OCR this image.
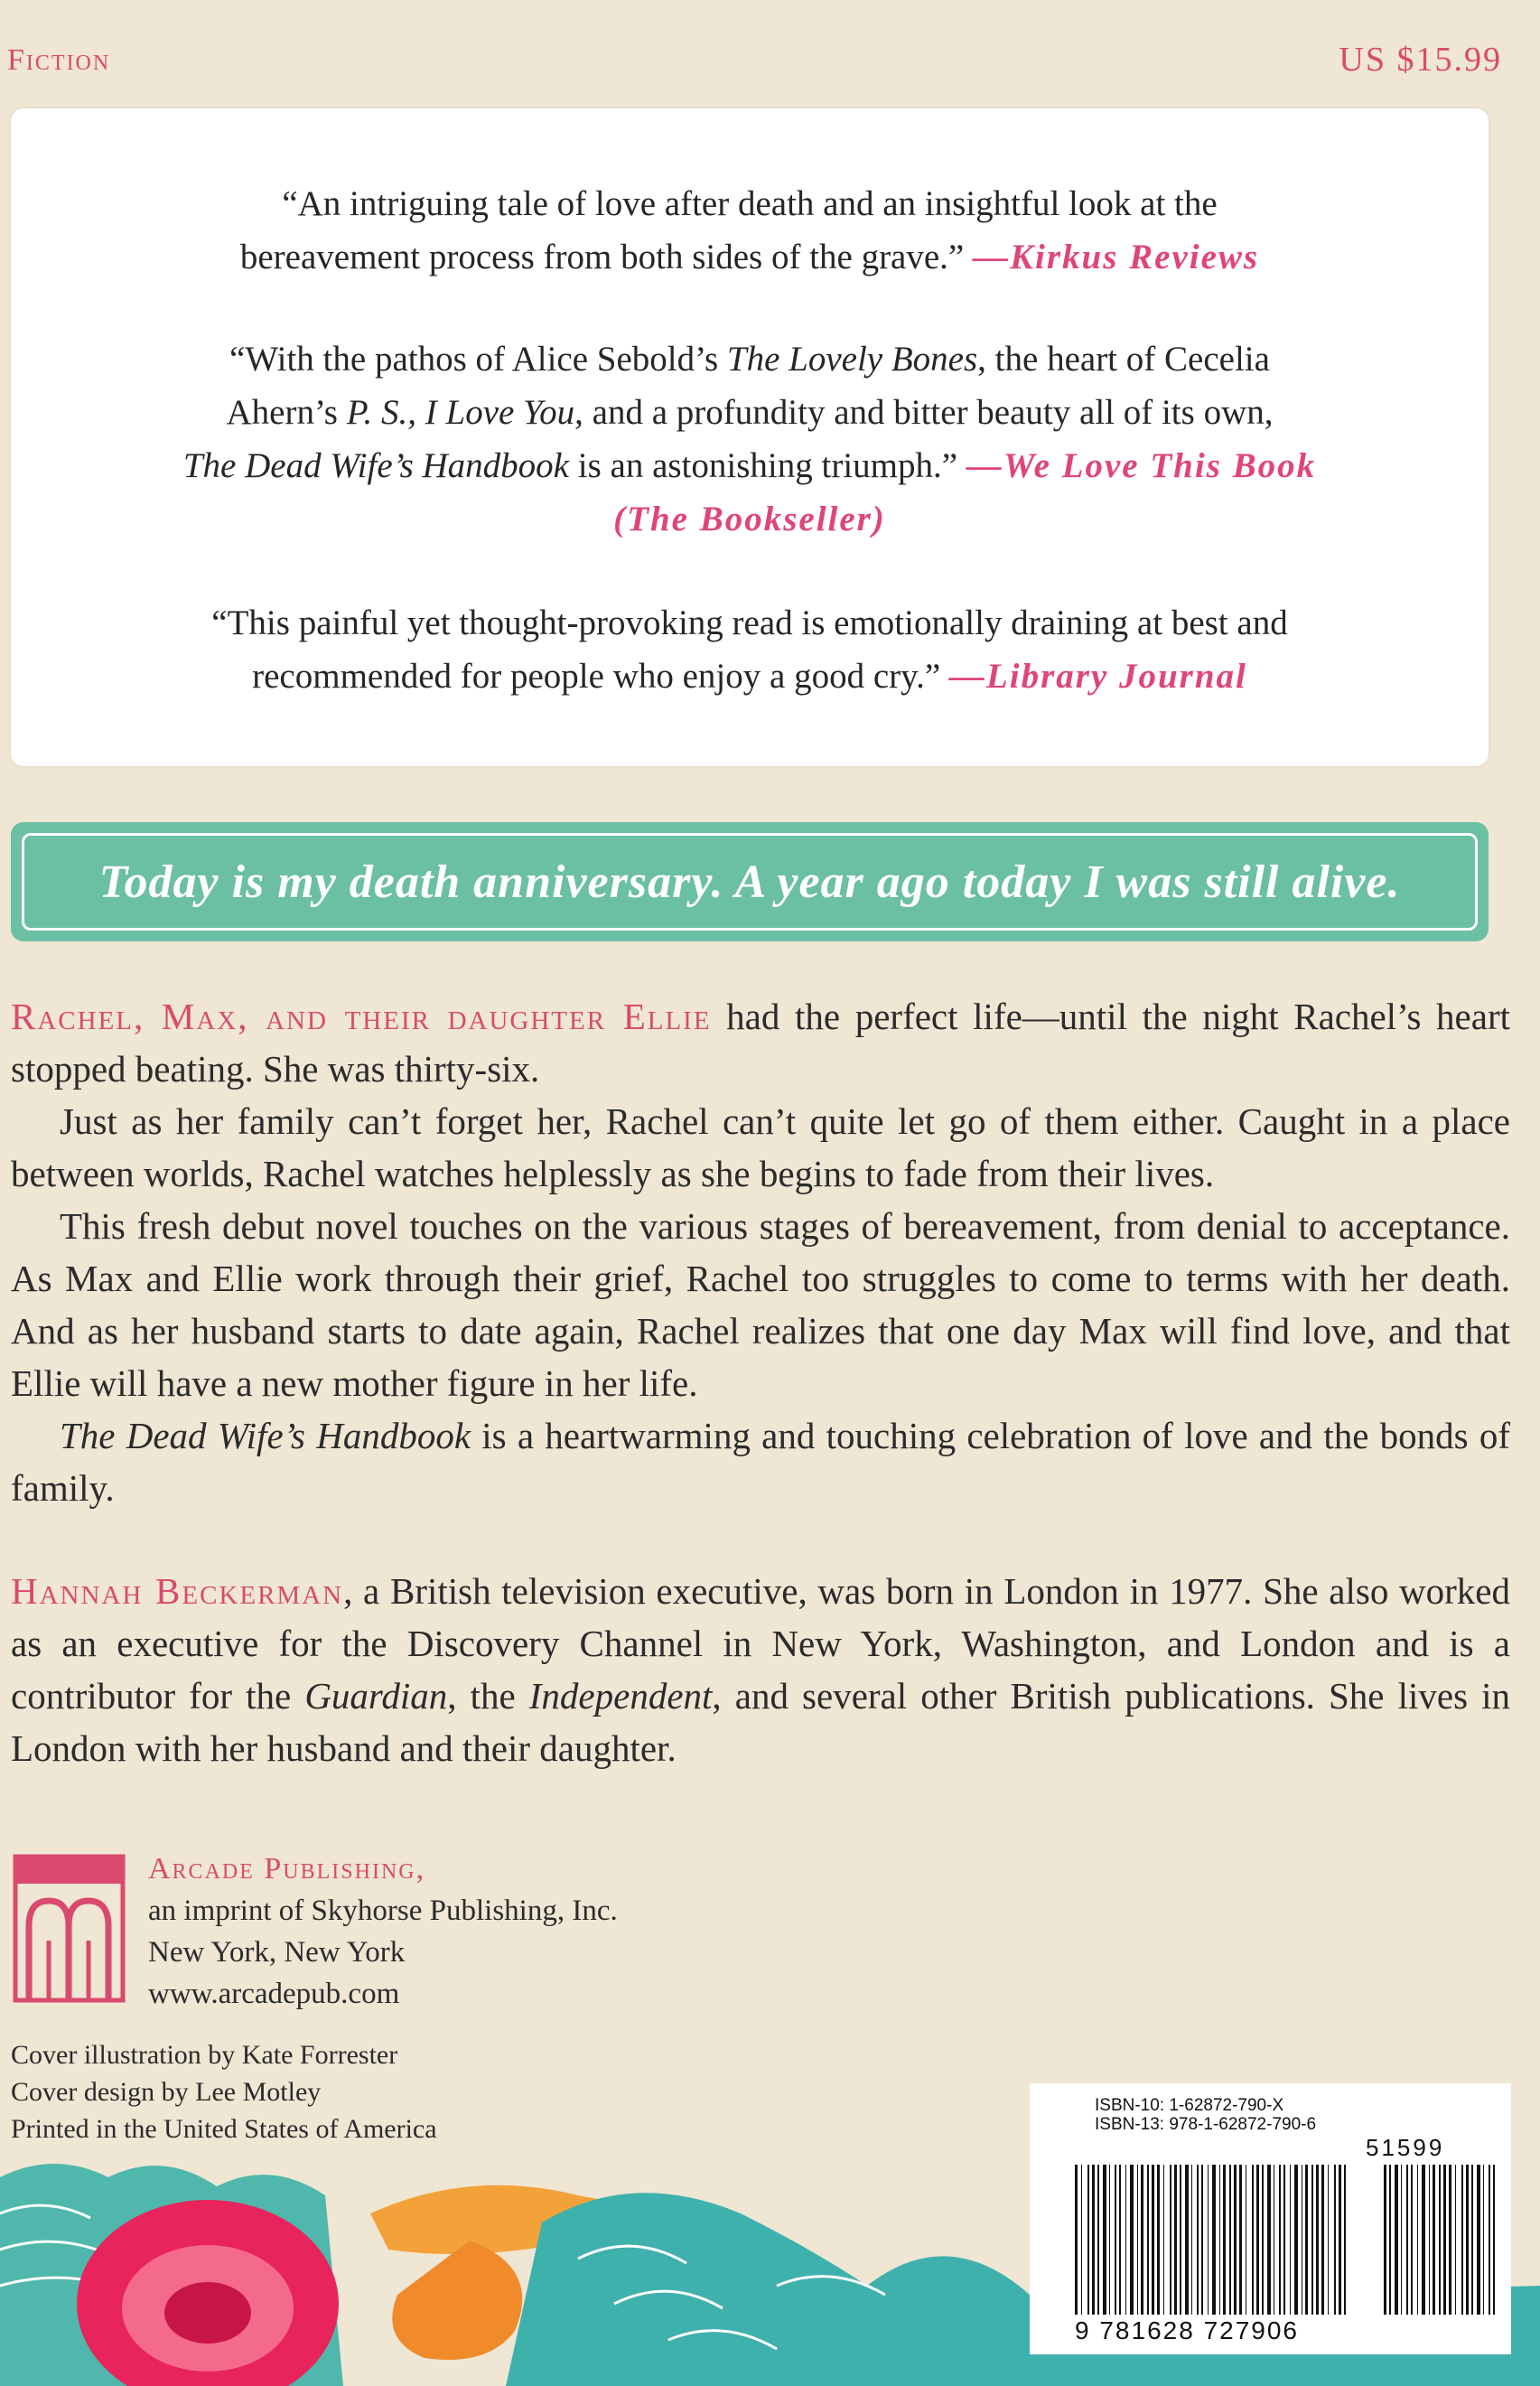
Fiction	US $15.99
“An intriguing tale of love after death and an insightful look at the
bereavement process from both sides of the grave.” —Kirkus Reviews
“With the pathos of Alice Sebold’s The Lovely Bones, the heart of Cecelia
Ahern’s P. S., I Love You, and a profundity and bitter beauty all of its own,
The Dead Wife’s Handbook is an astonishing triumph.” —We Love This Book
(The Bookseller)
“This painful yet thought-provoking read is emotionally draining at best and
recommended for people who enjoy a good cry.” —Library Journal
Today is my death anniversary. A year ago today I was still alive.

Rachel, Max, and their daughter Ellie had the perfect life—until the night Rachel’s heart stopped beating. She was thirty-six.

Just as her family can’t forget her, Rachel can’t quite let go of them either. Caught in a place between worlds, Rachel watches helplessly as she begins to fade from their lives.

This fresh debut novel touches on the various stages of bereavement, from denial to acceptance. As Max and Ellie work through their grief, Rachel too struggles to come to terms with her death. And as her husband starts to date again, Rachel realizes that one day Max will find love, and that Ellie will have a new mother figure in her life.

The Dead Wife’s Handbook is a heartwarming and touching celebration of love and the bonds of family.

Hannah Beckerman, a British television executive, was born in London in 1977. She also worked as an executive for the Discovery Channel in New York, Washington, and London and is a contributor for the Guardian, the Independent, and several other British publications. She lives in London with her husband and their daughter.

Arcade Publishing,
an imprint of Skyhorse Publishing, Inc.
New York, New York
www.arcadepub.com
Cover illustration by Kate Forrester
Cover design by Lee Motley
Printed in the United States of America
ISBN-10: 1-62872-790-X
ISBN-13: 978-1-62872-790-6
51599
9 781628 727906
